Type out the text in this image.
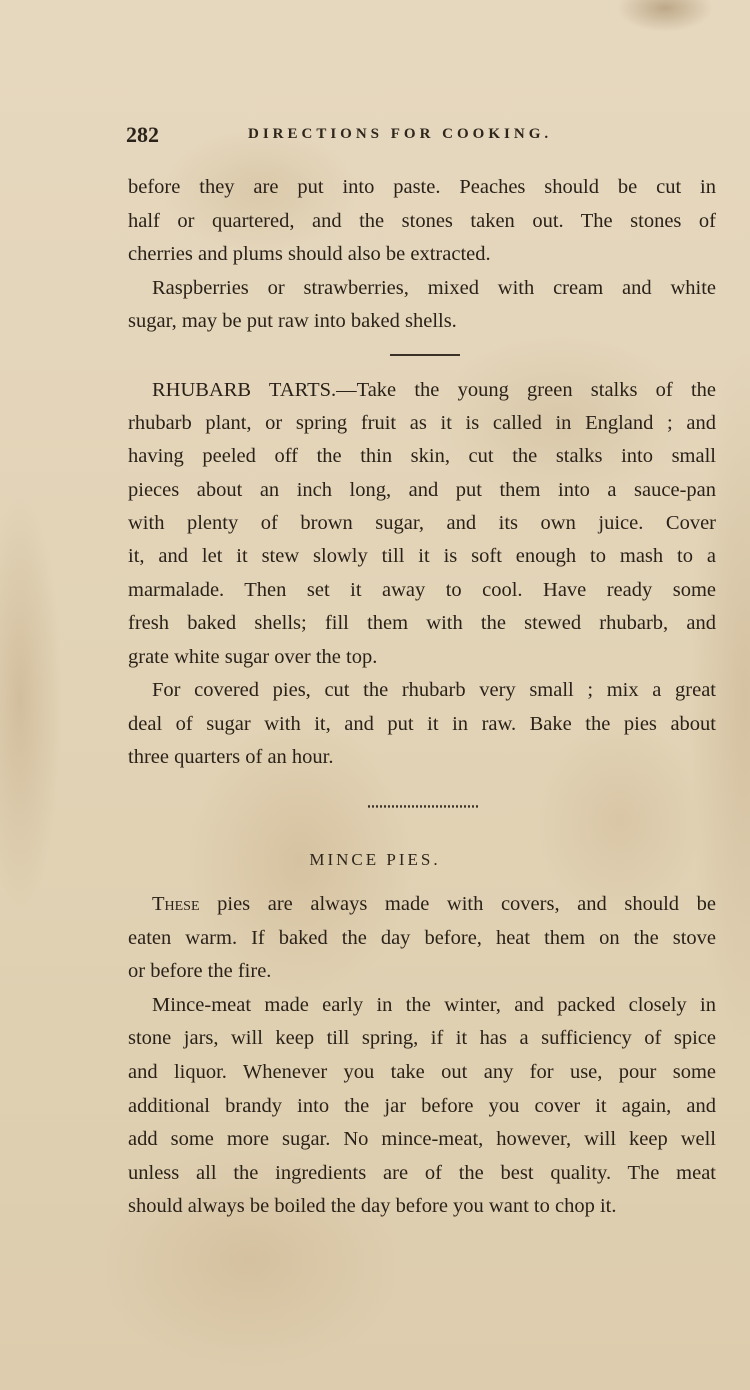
282	DIRECTIONS FOR COOKING.
before they are put into paste. Peaches should be cut in
half or quartered, and the stones taken out. The stones of
cherries and plums should also be extracted.
Raspberries or strawberries, mixed with cream and white
sugar, may be put raw into baked shells.
RHUBARB TARTS.—Take the young green stalks of the
rhubarb plant, or spring fruit as it is called in England ; and
having peeled off the thin skin, cut the stalks into small
pieces about an inch long, and put them into a sauce-pan
with plenty of brown sugar, and its own juice. Cover
it, and let it stew slowly till it is soft enough to mash to a
marmalade. Then set it away to cool. Have ready some
fresh baked shells; fill them with the stewed rhubarb, and
grate white sugar over the top.
For covered pies, cut the rhubarb very small ; mix a great
deal of sugar with it, and put it in raw. Bake the pies about
three quarters of an hour.
MINCE PIES.
These pies are always made with covers, and should be
eaten warm. If baked the day before, heat them on the stove
or before the fire.
Mince-meat made early in the winter, and packed closely in
stone jars, will keep till spring, if it has a sufficiency of spice
and liquor. Whenever you take out any for use, pour some
additional brandy into the jar before you cover it again, and
add some more sugar. No mince-meat, however, will keep well
unless all the ingredients are of the best quality. The meat
should always be boiled the day before you want to chop it.
